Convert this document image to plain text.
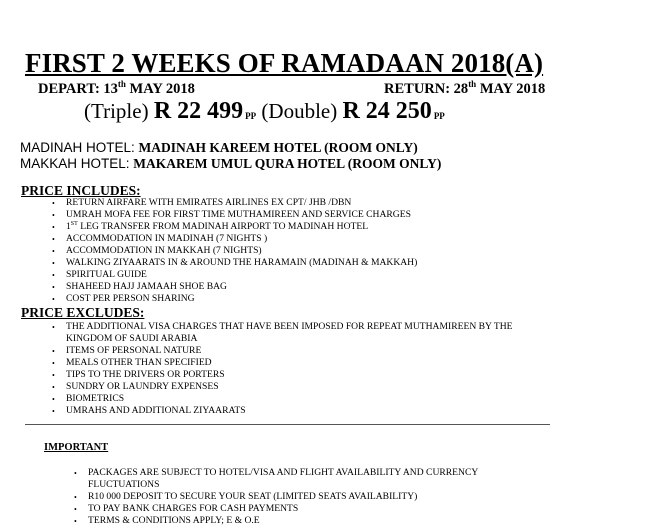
FIRST 2 WEEKS OF RAMADAAN 2018(A)
DEPART: 13th MAY 2018	RETURN: 28th MAY 2018
(Triple) R 22 499 PP (Double) R 24 250 PP
MADINAH HOTEL: MADINAH KAREEM HOTEL (ROOM ONLY)
MAKKAH HOTEL: MAKAREM UMUL QURA HOTEL (ROOM ONLY)
PRICE INCLUDES:
• RETURN AIRFARE WITH EMIRATES AIRLINES EX CPT/ JHB /DBN
• UMRAH MOFA FEE FOR FIRST TIME MUTHAMIREEN AND SERVICE CHARGES
• 1ST LEG TRANSFER FROM MADINAH AIRPORT TO MADINAH HOTEL
• ACCOMMODATION IN MADINAH (7 NIGHTS )
• ACCOMMODATION IN MAKKAH (7 NIGHTS)
• WALKING ZIYAARATS IN & AROUND THE HARAMAIN (MADINAH & MAKKAH)
• SPIRITUAL GUIDE
• SHAHEED HAJJ JAMAAH SHOE BAG
• COST PER PERSON SHARING
PRICE EXCLUDES:
• THE ADDITIONAL VISA CHARGES THAT HAVE BEEN IMPOSED FOR REPEAT MUTHAMIREEN BY THE
KINGDOM OF SAUDI ARABIA
• ITEMS OF PERSONAL NATURE
• MEALS OTHER THAN SPECIFIED
• TIPS TO THE DRIVERS OR PORTERS
• SUNDRY OR LAUNDRY EXPENSES
• BIOMETRICS
• UMRAHS AND ADDITIONAL ZIYAARATS
IMPORTANT
• PACKAGES ARE SUBJECT TO HOTEL/VISA AND FLIGHT AVAILABILITY AND CURRENCY
FLUCTUATIONS
• R10 000 DEPOSIT TO SECURE YOUR SEAT (LIMITED SEATS AVAILABILITY)
• TO PAY BANK CHARGES FOR CASH PAYMENTS
• TERMS & CONDITIONS APPLY; E & O.E
